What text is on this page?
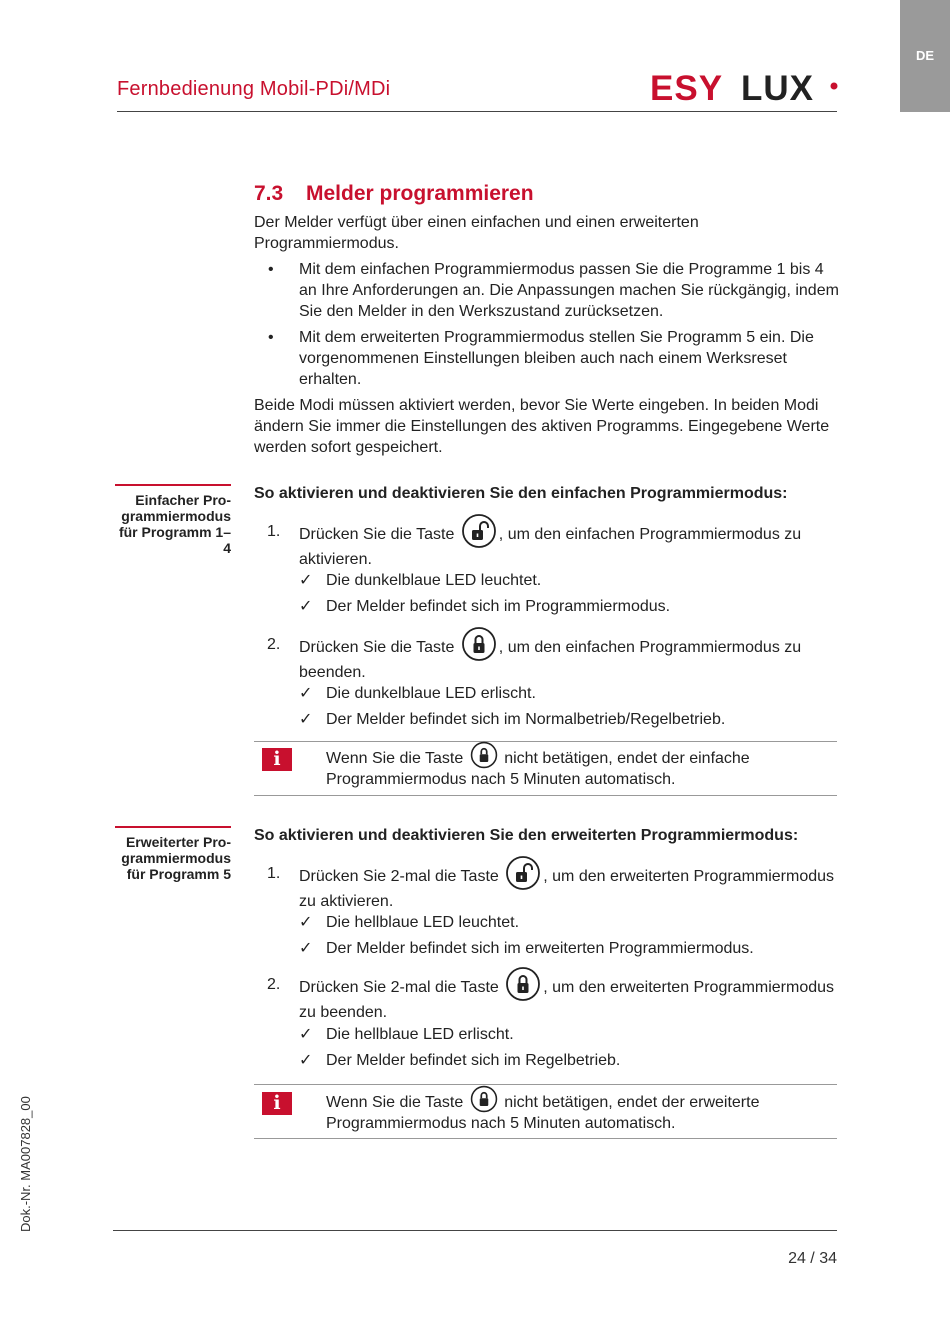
DE
Fernbedienung Mobil-PDi/MDi	ESY LUX
7.3 Melder programmieren
Der Melder verfügt über einen einfachen und einen erweiterten Programmiermodus.
• Mit dem einfachen Programmiermodus passen Sie die Programme 1 bis 4 an Ihre Anforderungen an. Die Anpassungen machen Sie rückgängig, indem Sie den Melder in den Werkszustand zurücksetzen.
• Mit dem erweiterten Programmiermodus stellen Sie Programm 5 ein. Die vorgenommenen Einstellungen bleiben auch nach einem Werksreset erhalten.
Beide Modi müssen aktiviert werden, bevor Sie Werte eingeben. In beiden Modi ändern Sie immer die Einstellungen des aktiven Programms. Eingegebene Werte werden sofort gespeichert.
Einfacher Programmiermodus für Programm 1–4
So aktivieren und deaktivieren Sie den einfachen Programmiermodus:
1. Drücken Sie die Taste	, um den einfachen Programmiermodus zu aktivieren.
✓ Die dunkelblaue LED leuchtet.
✓ Der Melder befindet sich im Programmiermodus.
2. Drücken Sie die Taste	, um den einfachen Programmiermodus zu beenden.
✓ Die dunkelblaue LED erlischt.
✓ Der Melder befindet sich im Normalbetrieb/Regelbetrieb.
i	Wenn Sie die Taste	nicht betätigen, endet der einfache Programmiermodus nach 5 Minuten automatisch.
Erweiterter Programmiermodus für Programm 5
So aktivieren und deaktivieren Sie den erweiterten Programmiermodus:
1. Drücken Sie 2-mal die Taste	, um den erweiterten Programmiermodus zu aktivieren.
✓ Die hellblaue LED leuchtet.
✓ Der Melder befindet sich im erweiterten Programmiermodus.
2. Drücken Sie 2-mal die Taste	, um den erweiterten Programmiermodus zu beenden.
✓ Die hellblaue LED erlischt.
✓ Der Melder befindet sich im Regelbetrieb.
i	Wenn Sie die Taste	nicht betätigen, endet der erweiterte Programmiermodus nach 5 Minuten automatisch.
Dok.-Nr. MA007828_00
24 / 34
